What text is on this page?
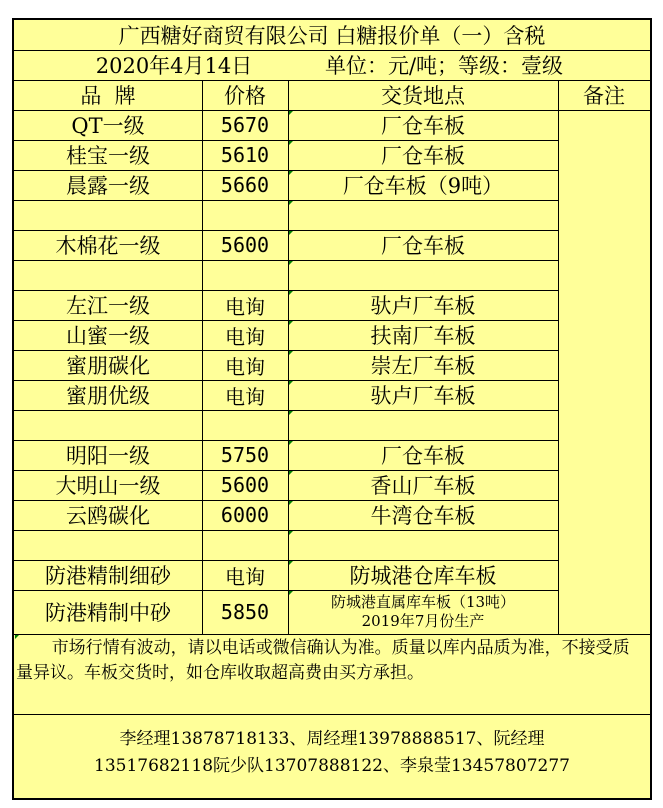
广西糖好商贸有限公司 白糖报价单（一）含税
2020年4月14日	单位：元/吨；等级：壹级
品  牌	价格	交货地点	备注
QT一级	5670	厂仓车板
桂宝一级	5610	厂仓车板
晨露一级	5660	厂仓车板（9吨）
木棉花一级	5600	厂仓车板
左江一级	电询	驮卢厂车板
山蜜一级	电询	扶南厂车板
蜜朋碳化	电询	崇左厂车板
蜜朋优级	电询	驮卢厂车板
明阳一级	5750	厂仓车板
大明山一级	5600	香山厂车板
云鸥碳化	6000	牛湾仓车板
防港精制细砂	电询	防城港仓库车板
防港精制中砂	5850	防城港直属库车板（13吨）
2019年7月份生产
市场行情有波动，请以电话或微信确认为准。质量以库内品质为准，不接受质量异议。车板交货时，如仓库收取超高费由买方承担。
李经理13878718133、周经理13978888517、阮经理
13517682118阮少队13707888122、李泉莹13457807277
